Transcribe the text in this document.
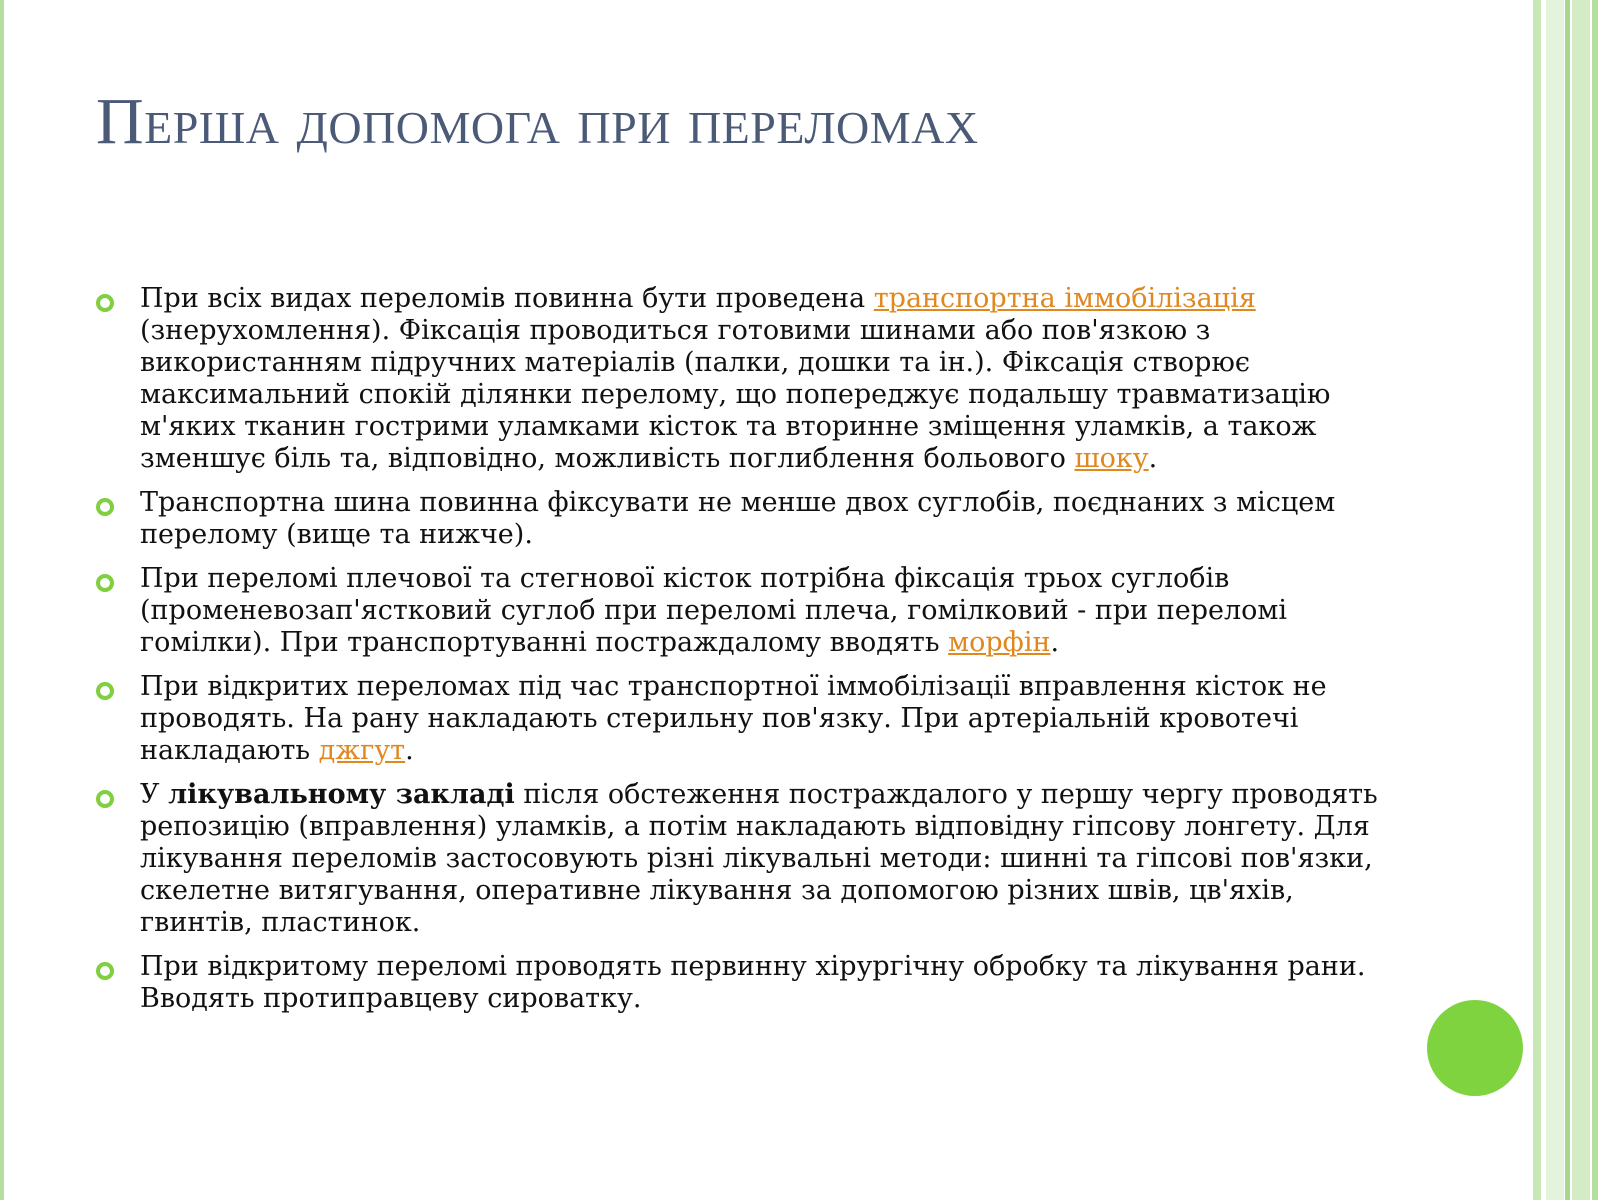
Перша допомога при переломах
При всіх видах переломів повинна бути проведена транспортна іммобілізація (знерухомлення). Фіксація проводиться готовими шинами або пов'язкою з використанням підручних матеріалів (палки, дошки та ін.). Фіксація створює максимальний спокій ділянки перелому, що попереджує подальшу травматизацію м'яких тканин гострими уламками кісток та вторинне зміщення уламків, а також зменшує біль та, відповідно, можливість поглиблення больового шоку.
Транспортна шина повинна фіксувати не менше двох суглобів, поєднаних з місцем перелому (вище та нижче).
При переломі плечової та стегнової кісток потрібна фіксація трьох суглобів (променевозап'ястковий суглоб при переломі плеча, гомілковий - при переломі гомілки). При транспортуванні постраждалому вводять морфін.
При відкритих переломах під час транспортної іммобілізації вправлення кісток не проводять. На рану накладають стерильну пов'язку. При артеріальній кровотечі накладають джгут.
У лікувальному закладі після обстеження постраждалого у першу чергу проводять репозицію (вправлення) уламків, а потім накладають відповідну гіпсову лонгету. Для лікування переломів застосовують різні лікувальні методи: шинні та гіпсові пов'язки, скелетне витягування, оперативне лікування за допомогою різних швів, цв'яхів, гвинтів, пластинок.
При відкритому переломі проводять первинну хірургічну обробку та лікування рани. Вводять протиправцеву сироватку.
